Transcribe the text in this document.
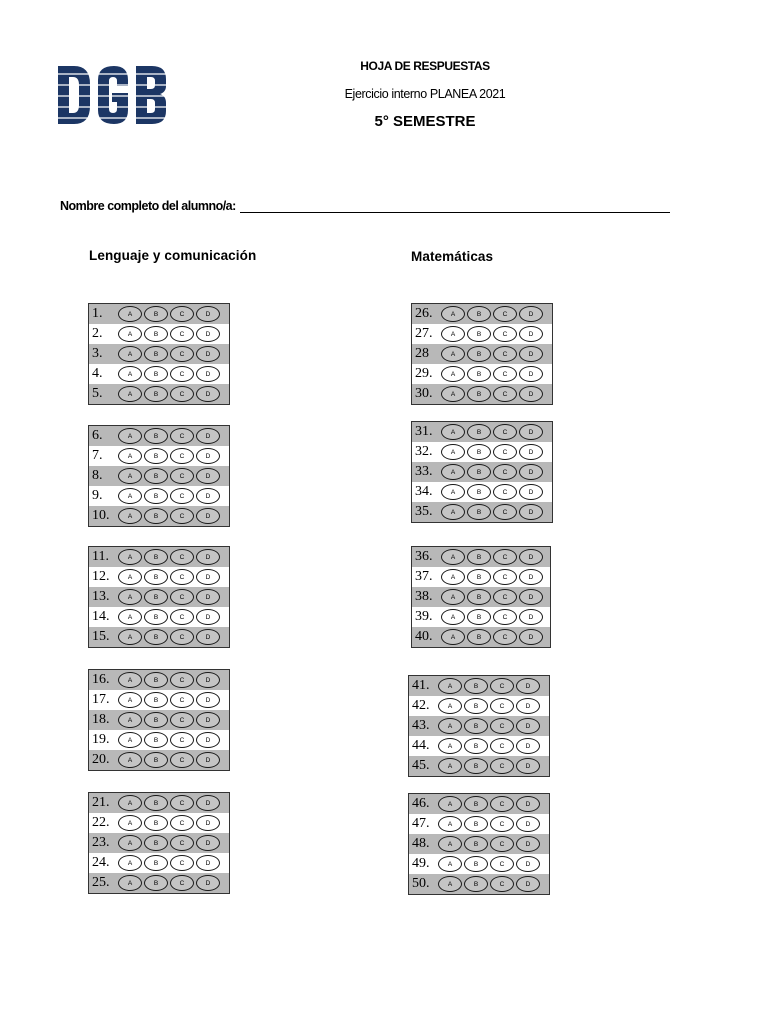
HOJA DE RESPUESTAS
Ejercicio interno PLANEA 2021
5° SEMESTRE
Nombre completo del alumno/a:
Lenguaje y comunicación	Matemáticas
1.	A	B	C	D
2.	A	B	C	D
3.	A	B	C	D
4.	A	B	C	D
5.	A	B	C	D
6.	A	B	C	D
7.	A	B	C	D
8.	A	B	C	D
9.	A	B	C	D
10.	A	B	C	D
11.	A	B	C	D
12.	A	B	C	D
13.	A	B	C	D
14.	A	B	C	D
15.	A	B	C	D
16.	A	B	C	D
17.	A	B	C	D
18.	A	B	C	D
19.	A	B	C	D
20.	A	B	C	D
21.	A	B	C	D
22.	A	B	C	D
23.	A	B	C	D
24.	A	B	C	D
25.	A	B	C	D
26.	A	B	C	D
27.	A	B	C	D
28	A	B	C	D
29.	A	B	C	D
30.	A	B	C	D
31.	A	B	C	D
32.	A	B	C	D
33.	A	B	C	D
34.	A	B	C	D
35.	A	B	C	D
36.	A	B	C	D
37.	A	B	C	D
38.	A	B	C	D
39.	A	B	C	D
40.	A	B	C	D
41.	A	B	C	D
42.	A	B	C	D
43.	A	B	C	D
44.	A	B	C	D
45.	A	B	C	D
46.	A	B	C	D
47.	A	B	C	D
48.	A	B	C	D
49.	A	B	C	D
50.	A	B	C	D
